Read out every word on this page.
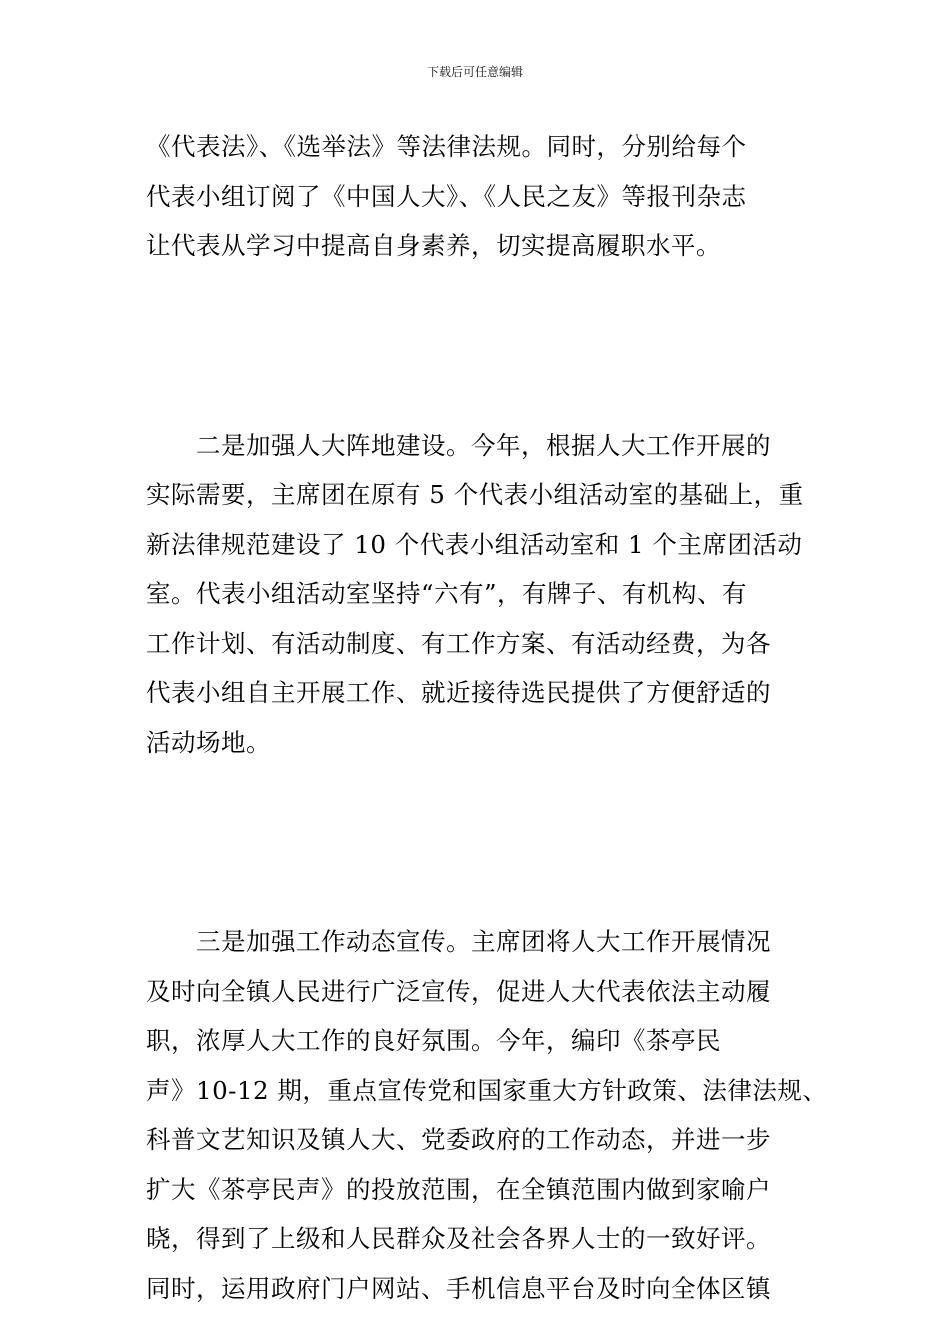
下载后可任意编辑
《代表法》、《选举法》等法律法规。同时，分别给每个
代表小组订阅了《中国人大》、《人民之友》等报刊杂志
让代表从学习中提高自身素养，切实提高履职水平。
　　二是加强人大阵地建设。今年，根据人大工作开展的
实际需要，主席团在原有 5 个代表小组活动室的基础上，重
新法律规范建设了 10 个代表小组活动室和 1 个主席团活动
室。代表小组活动室坚持“六有”，有牌子、有机构、有
工作计划、有活动制度、有工作方案、有活动经费，为各
代表小组自主开展工作、就近接待选民提供了方便舒适的
活动场地。
　　三是加强工作动态宣传。主席团将人大工作开展情况
及时向全镇人民进行广泛宣传，促进人大代表依法主动履
职，浓厚人大工作的良好氛围。今年，编印《茶亭民
声》10-12 期，重点宣传党和国家重大方针政策、法律法规、
科普文艺知识及镇人大、党委政府的工作动态，并进一步
扩大《茶亭民声》的投放范围，在全镇范围内做到家喻户
晓，得到了上级和人民群众及社会各界人士的一致好评。
同时，运用政府门户网站、手机信息平台及时向全体区镇
